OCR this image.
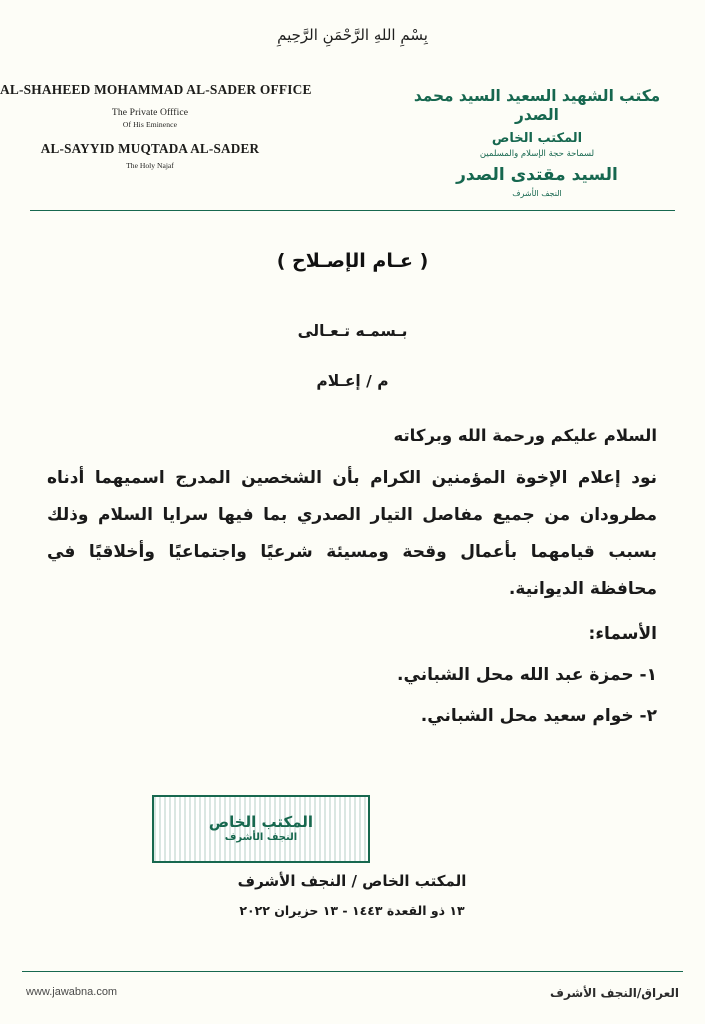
بِسْمِ اللهِ الرَّحْمَنِ الرَّحِيمِ
AL-SHAHEED MOHAMMAD AL-SADER OFFICE
The Private Offfice
Of His Eminence
AL-SAYYID MUQTADA AL-SADER
The Holy Najaf
مكتب الشهيد السعيد السيد محمد الصدر
المكتب الخاص
لسماحة حجة الإسلام والمسلمين
السيد مقتدى الصدر
النجف الأشرف
( عـام الإصـلاح )
بـسمـه تـعـالى
م / إعـلام
السلام عليكم ورحمة الله وبركاته
نود إعلام الإخوة المؤمنين الكرام بأن الشخصين المدرج اسميهما أدناه مطرودان من جميع مفاصل التيار الصدري بما فيها سرايا السلام وذلك بسبب قيامهما بأعمال وقحة ومسيئة شرعيًا واجتماعيًا وأخلاقيًا في محافظة الديوانية.
الأسماء:
١- حمزة عبد الله محل الشباني.
٢- خوام سعيد محل الشباني.
المكتب الخاص
النجف الأشرف
المكتب الخاص / النجف الأشرف
١٣ ذو القعدة ١٤٤٣ - ١٣ حزيران ٢٠٢٢
www.jawabna.com	العراق/النجف الأشرف
